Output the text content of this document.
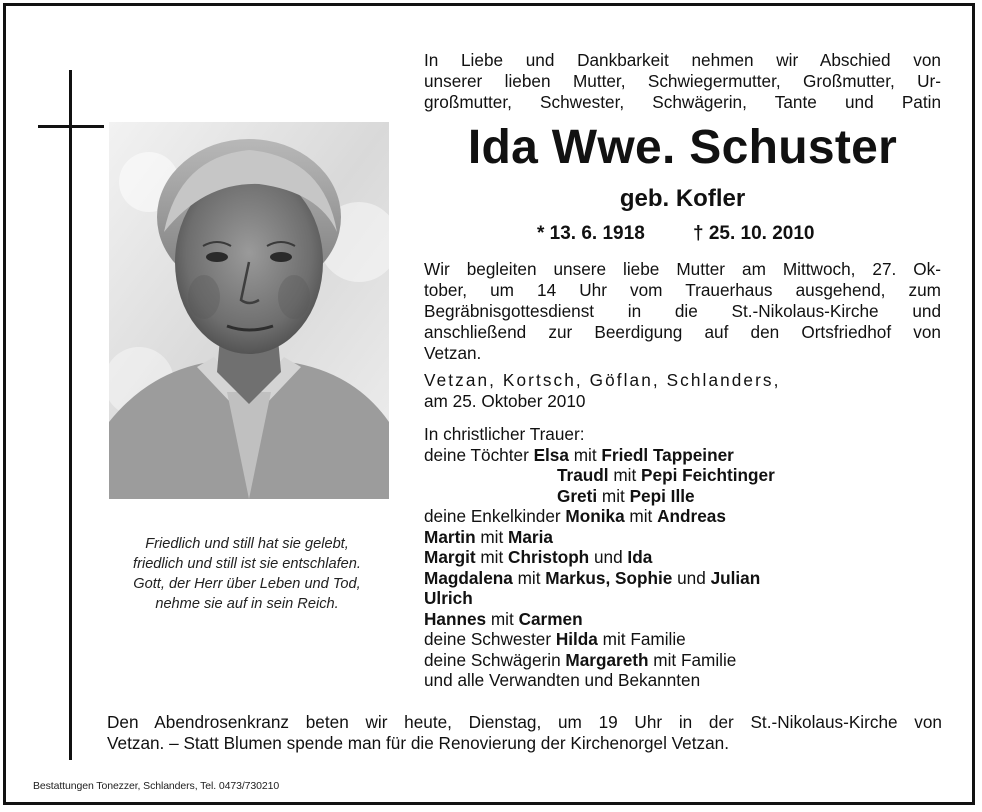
Friedlich und still hat sie gelebt,
friedlich und still ist sie entschlafen.
Gott, der Herr über Leben und Tod,
nehme sie auf in sein Reich.
In Liebe und Dankbarkeit nehmen wir Abschied von
unserer lieben Mutter, Schwiegermutter, Großmutter, Ur-
großmutter, Schwester, Schwägerin, Tante und Patin
Ida Wwe. Schuster
geb. Kofler
* 13. 6. 1918	† 25. 10. 2010
Wir begleiten unsere liebe Mutter am Mittwoch, 27. Ok-
tober, um 14 Uhr vom Trauerhaus ausgehend, zum
Begräbnisgottesdienst in die St.-Nikolaus-Kirche und
anschließend zur Beerdigung auf den Ortsfriedhof von
Vetzan.
Vetzan, Kortsch, Göflan, Schlanders,
am 25. Oktober 2010
In christlicher Trauer:
deine Töchter Elsa mit Friedl Tappeiner
Traudl mit Pepi Feichtinger
Greti mit Pepi Ille
deine Enkelkinder Monika mit Andreas
Martin mit Maria
Margit mit Christoph und Ida
Magdalena mit Markus, Sophie und Julian
Ulrich
Hannes mit Carmen
deine Schwester Hilda mit Familie
deine Schwägerin Margareth mit Familie
und alle Verwandten und Bekannten
Den Abendrosenkranz beten wir heute, Dienstag, um 19 Uhr in der St.-Nikolaus-Kirche von
Vetzan. – Statt Blumen spende man für die Renovierung der Kirchenorgel Vetzan.
Bestattungen Tonezzer, Schlanders, Tel. 0473/730210
